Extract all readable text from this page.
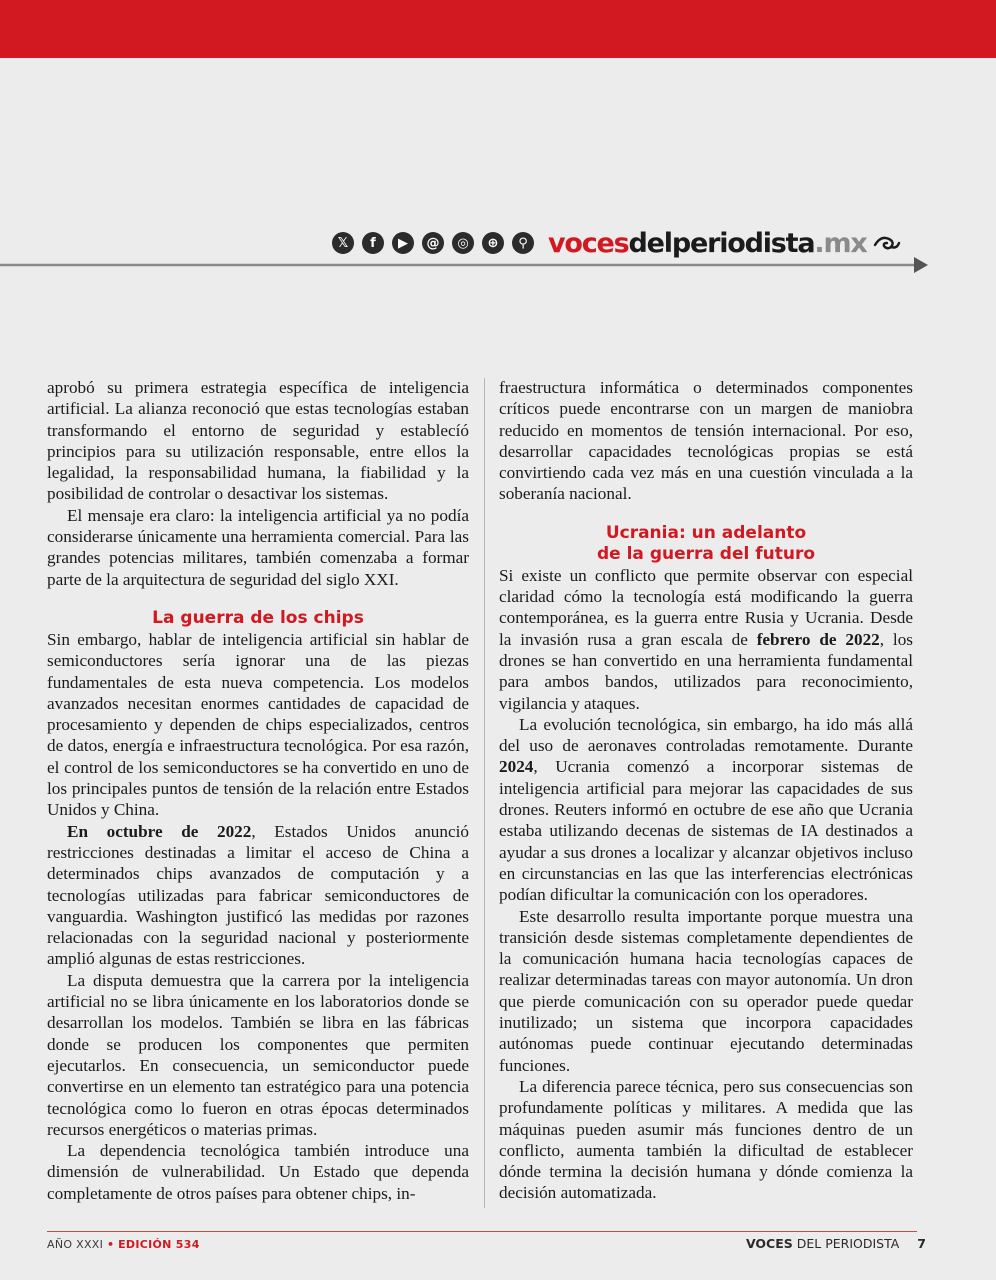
𝕏	f	▶	@	◎	⊕	⚲ vocesdelperiodista.mx

aprobó su primera estrategia específica de inteligencia artificial. La alianza reconoció que estas tecnologías estaban transformando el entorno de seguridad y establecíó principios para su utilización responsable, entre ellos la legalidad, la responsabilidad humana, la fiabilidad y la posibilidad de controlar o desactivar los sistemas.

El mensaje era claro: la inteligencia artificial ya no podía considerarse únicamente una herramienta comercial. Para las grandes potencias militares, también comenzaba a formar parte de la arquitectura de seguridad del siglo XXI.

La guerra de los chips

Sin embargo, hablar de inteligencia artificial sin hablar de semiconductores sería ignorar una de las piezas fundamentales de esta nueva competencia. Los modelos avanzados necesitan enormes cantidades de capacidad de procesamiento y dependen de chips especializados, centros de datos, energía e infraestructura tecnológica. Por esa razón, el control de los semiconductores se ha convertido en uno de los principales puntos de tensión de la relación entre Estados Unidos y China.

En octubre de 2022, Estados Unidos anunció restricciones destinadas a limitar el acceso de China a determinados chips avanzados de computación y a tecnologías utilizadas para fabricar semiconductores de vanguardia. Washington justificó las medidas por razones relacionadas con la seguridad nacional y posteriormente amplió algunas de estas restricciones.

La disputa demuestra que la carrera por la inteligencia artificial no se libra únicamente en los laboratorios donde se desarrollan los modelos. También se libra en las fábricas donde se producen los componentes que permiten ejecutarlos. En consecuencia, un semiconductor puede convertirse en un elemento tan estratégico para una potencia tecnológica como lo fueron en otras épocas determinados recursos energéticos o materias primas.

La dependencia tecnológica también introduce una dimensión de vulnerabilidad. Un Estado que dependa completamente de otros países para obtener chips, in-

fraestructura informática o determinados componentes críticos puede encontrarse con un margen de maniobra reducido en momentos de tensión internacional. Por eso, desarrollar capacidades tecnológicas propias se está convirtiendo cada vez más en una cuestión vinculada a la soberanía nacional.

Ucrania: un adelanto
de la guerra del futuro

Si existe un conflicto que permite observar con especial claridad cómo la tecnología está modificando la guerra contemporánea, es la guerra entre Rusia y Ucrania. Desde la invasión rusa a gran escala de febrero de 2022, los drones se han convertido en una herramienta fundamental para ambos bandos, utilizados para reconocimiento, vigilancia y ataques.

La evolución tecnológica, sin embargo, ha ido más allá del uso de aeronaves controladas remotamente. Durante 2024, Ucrania comenzó a incorporar sistemas de inteligencia artificial para mejorar las capacidades de sus drones. Reuters informó en octubre de ese año que Ucrania estaba utilizando decenas de sistemas de IA destinados a ayudar a sus drones a localizar y alcanzar objetivos incluso en circunstancias en las que las interferencias electrónicas podían dificultar la comunicación con los operadores.

Este desarrollo resulta importante porque muestra una transición desde sistemas completamente dependientes de la comunicación humana hacia tecnologías capaces de realizar determinadas tareas con mayor autonomía. Un dron que pierde comunicación con su operador puede quedar inutilizado; un sistema que incorpora capacidades autónomas puede continuar ejecutando determinadas funciones.

La diferencia parece técnica, pero sus consecuencias son profundamente políticas y militares. A medida que las máquinas pueden asumir más funciones dentro de un conflicto, aumenta también la dificultad de establecer dónde termina la decisión humana y dónde comienza la decisión automatizada.

AÑO XXXI • EDICIÓN 534	VOCES DEL PERIODISTA 7
